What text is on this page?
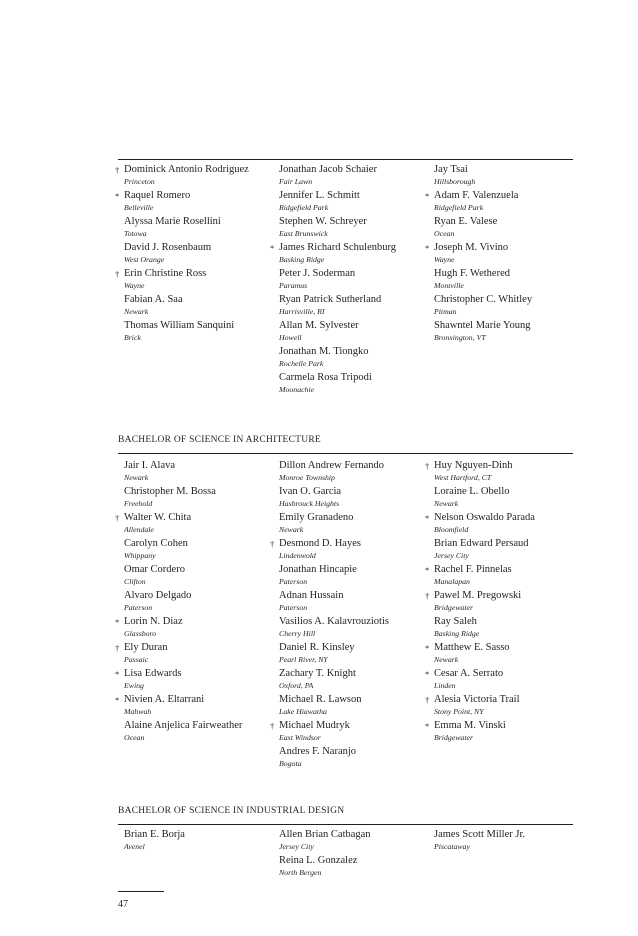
† Dominick Antonio Rodriguez
Princeton
* Raquel Romero
Belleville
Alyssa Marie Rosellini
Totowa
David J. Rosenbaum
West Orange
† Erin Christine Ross
Wayne
Fabian A. Saa
Newark
Thomas William Sanquini
Brick
Jonathan Jacob Schaier
Fair Lawn
Jennifer L. Schmitt
Ridgefield Park
Stephen W. Schreyer
East Brunswick
* James Richard Schulenburg
Basking Ridge
Peter J. Soderman
Paramus
Ryan Patrick Sutherland
Harrisville, RI
Allan M. Sylvester
Howell
Jonathan M. Tiongko
Rochelle Park
Carmela Rosa Tripodi
Moonachie
Jay Tsai
Hillsborough
* Adam F. Valenzuela
Ridgefield Park
Ryan E. Valese
Ocean
* Joseph M. Vivino
Wayne
Hugh F. Wethered
Montville
Christopher C. Whitley
Pitman
Shawntel Marie Young
Bronxington, VT
BACHELOR OF SCIENCE IN ARCHITECTURE
Jair I. Alava
Newark
Christopher M. Bossa
Freehold
† Walter W. Chita
Allendale
Carolyn Cohen
Whippany
Omar Cordero
Clifton
Alvaro Delgado
Paterson
* Lorin N. Diaz
Glassboro
† Ely Duran
Passaic
* Lisa Edwards
Ewing
* Nivien A. Eltarrani
Mahwah
Alaine Anjelica Fairweather
Ocean
Dillon Andrew Fernando
Monroe Township
Ivan O. Garcia
Hasbrouck Heights
Emily Granadeno
Newark
† Desmond D. Hayes
Lindenwold
Jonathan Hincapie
Paterson
Adnan Hussain
Paterson
Vasilios A. Kalavrouziotis
Cherry Hill
Daniel R. Kinsley
Pearl River, NY
Zachary T. Knight
Oxford, PA
Michael R. Lawson
Lake Hiawatha
† Michael Mudryk
East Windsor
Andres F. Naranjo
Bogota
† Huy Nguyen-Dinh
West Hartford, CT
Loraine L. Obello
Newark
* Nelson Oswaldo Parada
Bloomfield
Brian Edward Persaud
Jersey City
* Rachel F. Pinnelas
Manalapan
† Pawel M. Pregowski
Bridgewater
Ray Saleh
Basking Ridge
* Matthew E. Sasso
Newark
* Cesar A. Serrato
Linden
† Alesia Victoria Trail
Stony Point, NY
* Emma M. Vinski
Bridgewater
BACHELOR OF SCIENCE IN INDUSTRIAL DESIGN
Brian E. Borja
Avenel
Allen Brian Catbagan
Jersey City
Reina L. Gonzalez
North Bergen
James Scott Miller Jr.
Piscataway
47
